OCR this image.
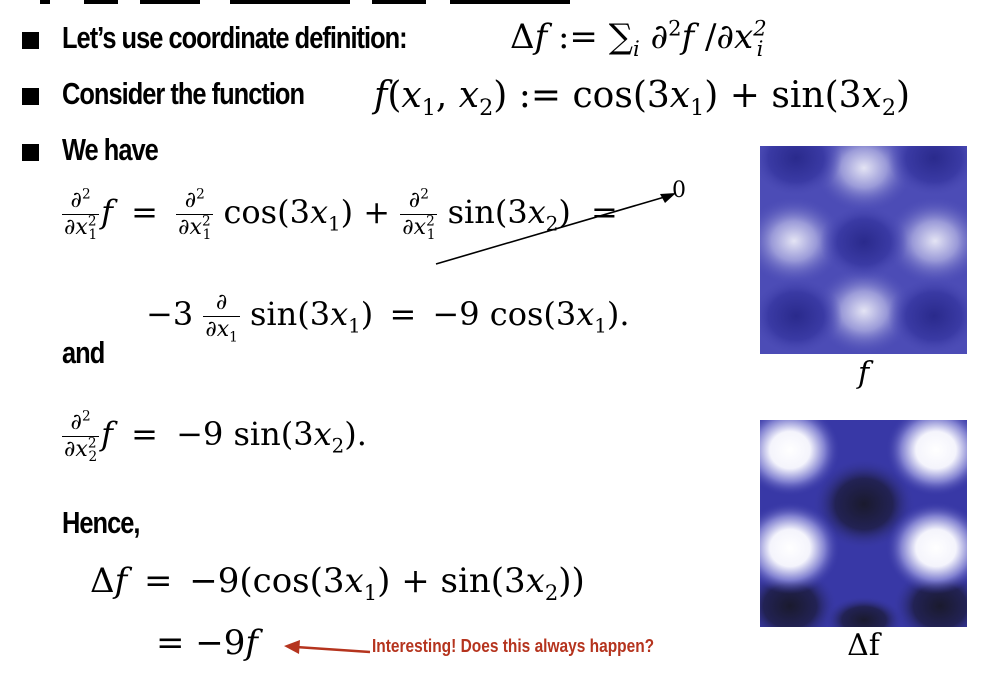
Let’s use coordinate definition:	Δf := $\sum_i$ ∂$^2$f $/\partial x^2_i$
Consider the function $f(x_1$, $x_2$) := $\cos(3x_1) + \sin(3x_2)$
We have
$\frac{\partial^2}{\partial x^2_1}$ $f = \frac{\partial^2}{\partial x^2_1} \cos(3x_1) + \frac{\partial^2}{\partial x^2_1} \sin(3x_2)$ =
0
$-3 \frac{\partial}{\partial x_1} \sin(3x_1) = -9$ $\cos(3x_1)$.
and
$\frac{\partial^2}{\partial x^2_2}$ f = −9 $\sin(3x_2)$.
Hence,
$\Delta f = -9(\cos(3x_1) + \sin(3x_2))$
= −9f	Interesting! Does this always happen?
f
Δf
